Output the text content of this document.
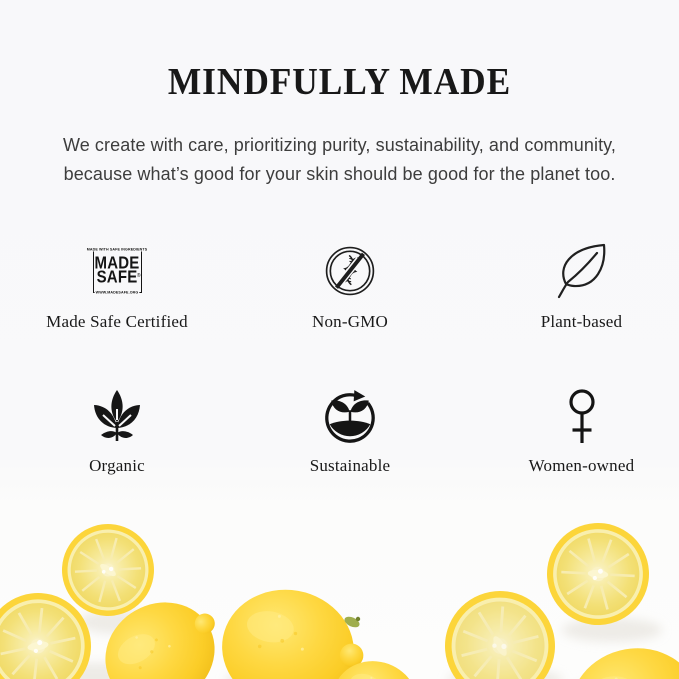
MINDFULLY MADE
We create with care, prioritizing purity, sustainability, and community,
because what’s good for your skin should be good for the planet too.
MADE WITH SAFE INGREDIENTS
MADE
SAFE ®
WWW.MADESAFE.ORG
Made Safe Certified	Non-GMO	Plant-based
Organic	Sustainable	Women-owned
